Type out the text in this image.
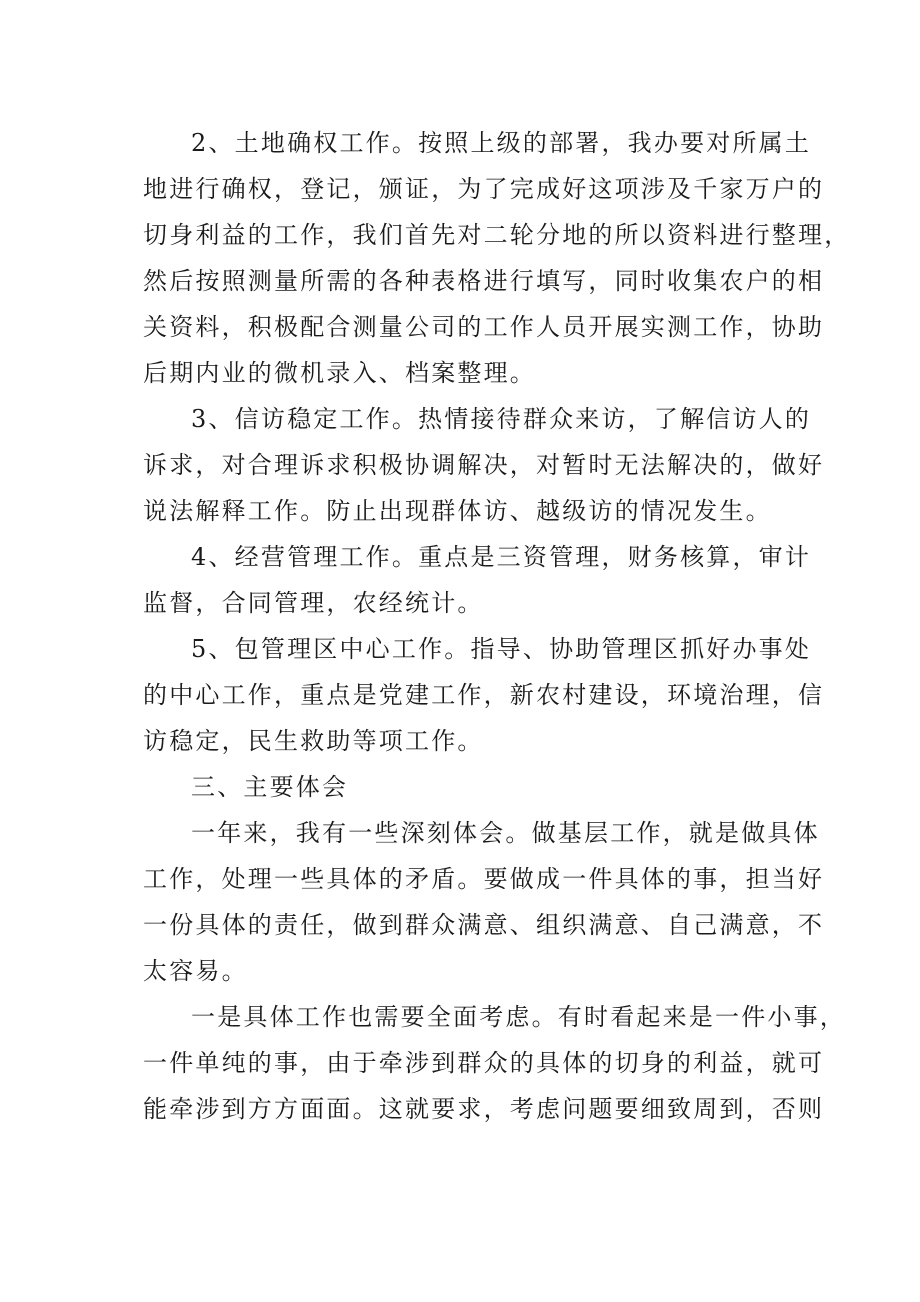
2、土地确权工作。按照上级的部署，我办要对所属土
地进行确权，登记，颁证，为了完成好这项涉及千家万户的
切身利益的工作，我们首先对二轮分地的所以资料进行整理，
然后按照测量所需的各种表格进行填写，同时收集农户的相
关资料，积极配合测量公司的工作人员开展实测工作，协助
后期内业的微机录入、档案整理。

3、信访稳定工作。热情接待群众来访，了解信访人的
诉求，对合理诉求积极协调解决，对暂时无法解决的，做好
说法解释工作。防止出现群体访、越级访的情况发生。

4、经营管理工作。重点是三资管理，财务核算，审计
监督，合同管理，农经统计。

5、包管理区中心工作。指导、协助管理区抓好办事处
的中心工作，重点是党建工作，新农村建设，环境治理，信
访稳定，民生救助等项工作。

三、主要体会

一年来，我有一些深刻体会。做基层工作，就是做具体
工作，处理一些具体的矛盾。要做成一件具体的事，担当好
一份具体的责任，做到群众满意、组织满意、自己满意，不
太容易。

一是具体工作也需要全面考虑。有时看起来是一件小事，
一件单纯的事，由于牵涉到群众的具体的切身的利益，就可
能牵涉到方方面面。这就要求，考虑问题要细致周到，否则
